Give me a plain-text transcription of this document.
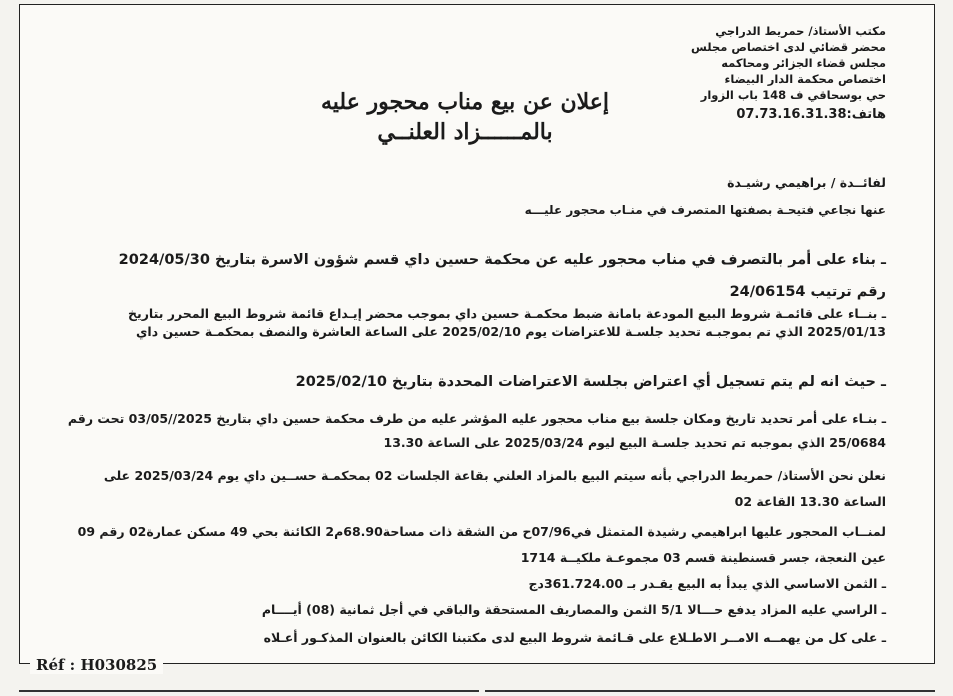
مكتب الأستاذ/ حمريط الدراجي
محضر قضائي لدى اختصاص مجلس
مجلس قضاء الجزائر ومحاكمه
اختصاص محكمة الدار البيضاء
حي بوسحاقي ف 148 باب الزوار
هاتف:07.73.16.31.38
إعلان عن بيع مناب محجور عليه
بالمــــــزاد العلنــي
لفائــدة / براهيمي رشيـدة
عنها نجاعي فتيحـة بصفتها المتصرف في منـاب محجور عليـــه
ـ بناء على أمر بالتصرف في مناب محجور عليه عن محكمة حسين داي قسم شؤون الاسرة بتاريخ 2024/05/30
رقم ترتيب 24/06154
ـ بنــاء على قائمـة شروط البيع المودعة بامانة ضبط محكمـة حسين داي بموجب محضر إيـداع قائمة شروط البيع المحرر بتاريخ 2025/01/13 الذي تم بموجبـه تحديد جلسـة للاعتراضات يوم 2025/02/10 على الساعة العاشرة والنصف بمحكمـة حسين داي
ـ حيث انه لم يتم تسجيل أي اعتراض بجلسة الاعتراضات المحددة بتاريخ 2025/02/10
ـ بنـاء على أمر تحديد تاريخ ومكان جلسة بيع مناب محجور عليه المؤشر عليه من طرف محكمة حسين داي بتاريخ 2025//03/05 تحت رقم 25/0684 الذي بموجبه تم تحديد جلسـة البيع ليوم 2025/03/24 على الساعة 13.30
نعلن نحن الأستاذ/ حمريط الدراجي بأنه سيتم البيع بالمزاد العلني بقاعة الجلسات 02 بمحكمـة حســين داي يوم 2025/03/24 على الساعة 13.30 القاعة 02
لمنــاب المحجور عليها ابراهيمي رشيدة المتمثل في07/96ح من الشقة ذات مساحة68.90م2 الكائنة بحي 49 مسكن عمارة02 رقم 09 عين النعجة، جسر قسنطينة قسم 03 مجموعـة ملكيــة 1714
ـ الثمن الاساسي الذي يبدأ به البيع يقـدر بـ 361.724.00دج
ـ الراسي عليه المزاد يدفع حـــالا 5/1 الثمن والمصاريف المستحقة والباقي في أجل ثمانية (08) أيــــام
ـ على كل من يهمــه الامــر الاطـلاع على قـائمة شروط البيع لدى مكتبنا الكائن بالعنوان المذكـور أعـلاه
Réf : H030825
